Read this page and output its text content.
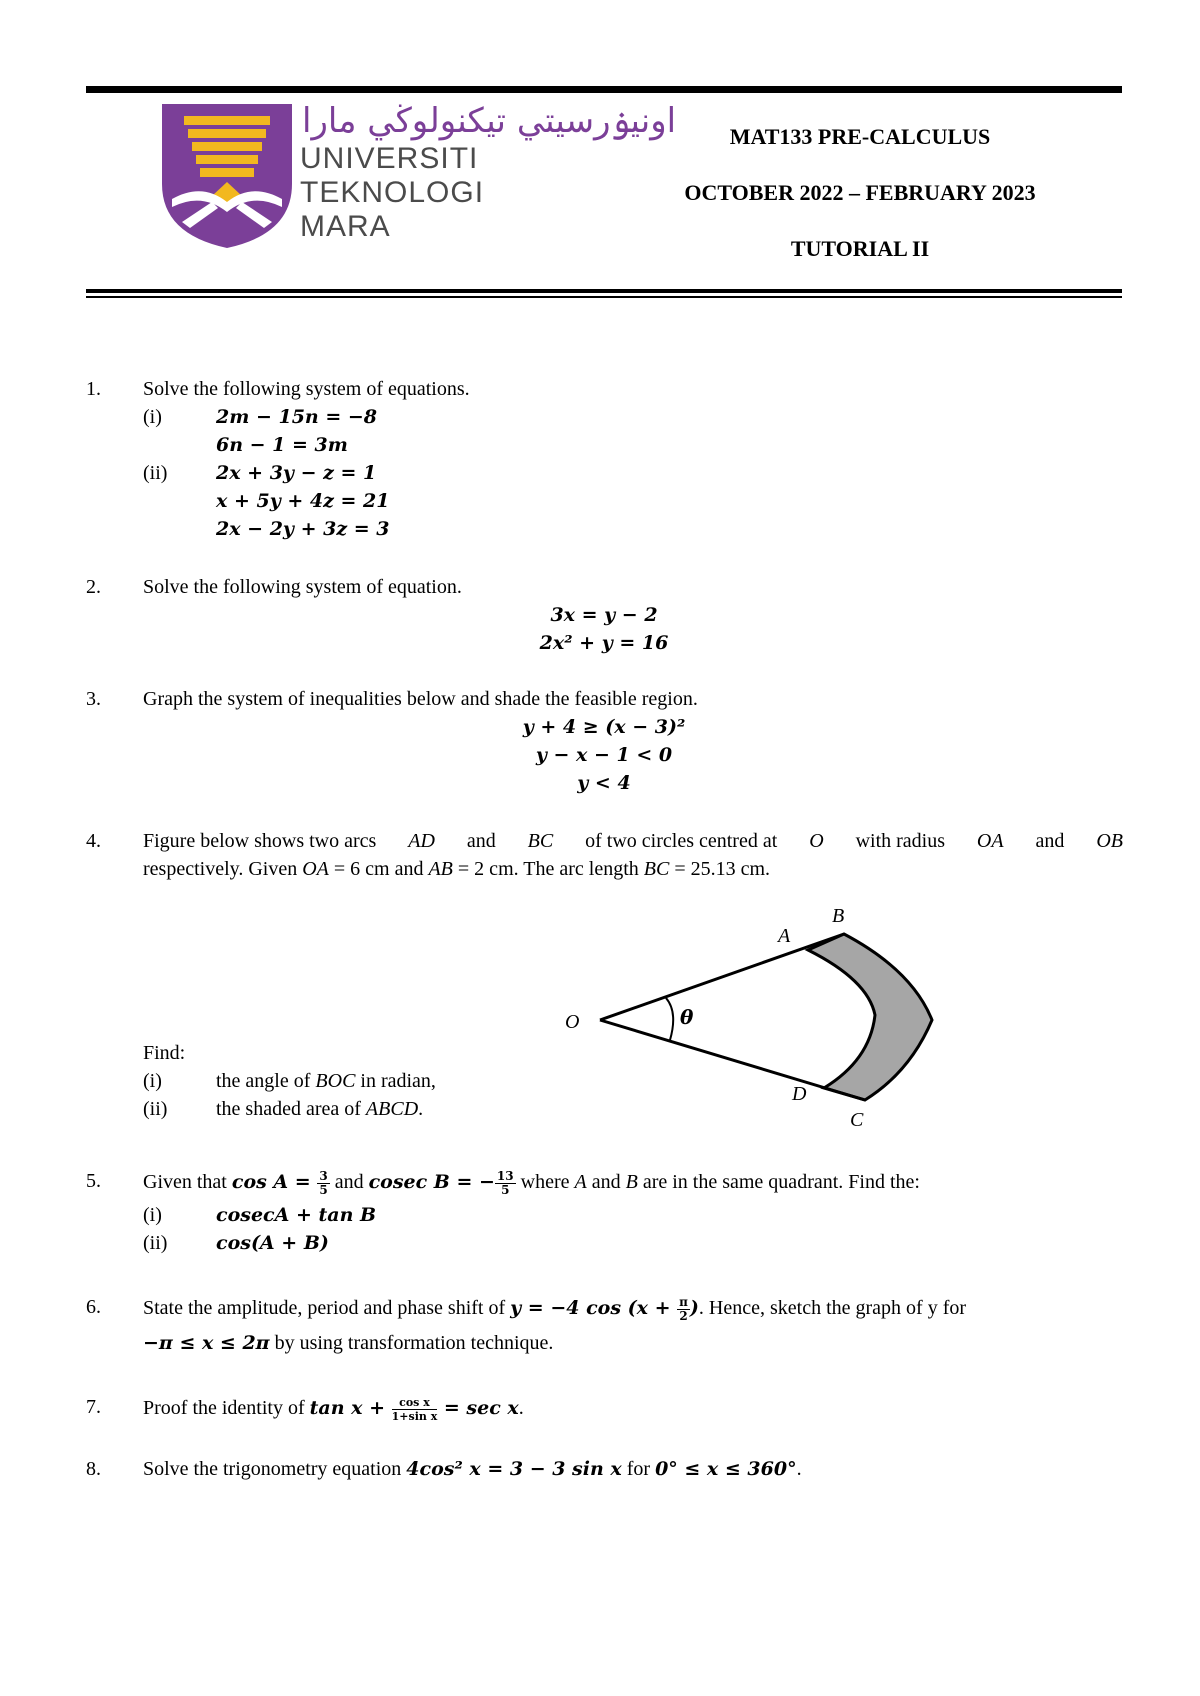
اونيۏرسيتي تيكنولوڬي مارا
UNIVERSITI
TEKNOLOGI
MARA
MAT133 PRE-CALCULUS
OCTOBER 2022 – FEBRUARY 2023
TUTORIAL II
1. Solve the following system of equations.
(i)	2m − 15n = −8
6n − 1 = 3m
(ii)	2x + 3y − z = 1
x + 5y + 4z = 21
2x − 2y + 3z = 3
2. Solve the following system of equation.
3x = y − 2
2x² + y = 16
3. Graph the system of inequalities below and shade the feasible region.
y + 4 ≥ (x − 3)²
y − x − 1 < 0
y < 4
4. Figure below shows two arcs AD and BC of two circles centred at O with radius OA and OB
respectively. Given OA = 6 cm and AB = 2 cm. The arc length BC = 25.13 cm.
Find:
(i)	the angle of BOC in radian,
(ii) the shaded area of ABCD.
5. Given that $\cos A = \frac{3}{5}$ and cosec B = − $\frac{13}{5}$ where A and B are in the same quadrant. Find the:
(i)	cosecA + tan B
(ii)	cos(A + B)
6. State the amplitude, period and phase shift of y = −4 $\cos (x + \frac{\pi}{2}$ ). Hence, sketch the graph of y for
−π ≤ x ≤ 2π by using transformation technique.
7. Proof the identity of $\tan x + \frac{\text{cos x}}{\text{1+sin x}} = \sec x$.
8. Solve the trigonometry equation 4cos² x = 3 − 3 sin x for 0° ≤ x ≤ 360°.
O	θ
A
B
D
C
